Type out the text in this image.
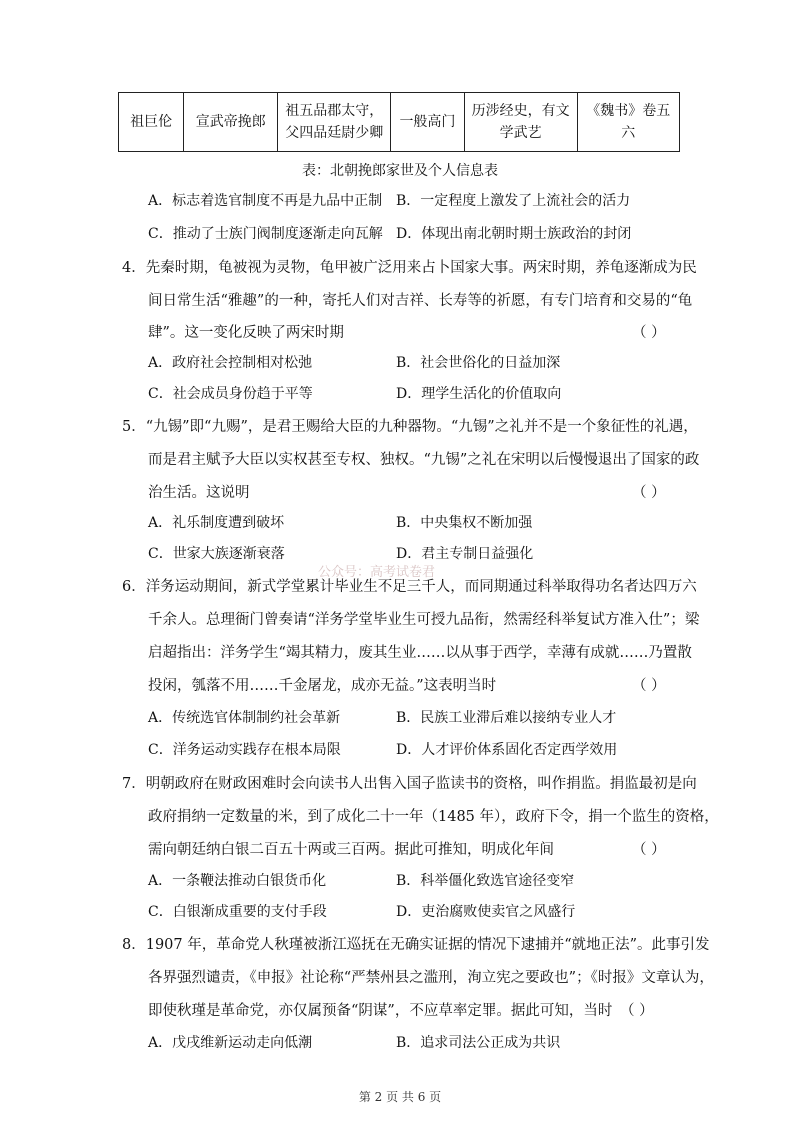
祖巨伦	宣武帝挽郎	祖五品郡太守，父四品廷尉少卿	一般高门	历涉经史，有文学武艺	《魏书》卷五六
表：北朝挽郎家世及个人信息表
A．标志着选官制度不再是九品中正制 B．一定程度上激发了上流社会的活力
C．推动了士族门阀制度逐渐走向瓦解 D．体现出南北朝时期士族政治的封闭
4．先秦时期，龟被视为灵物，龟甲被广泛用来占卜国家大事。两宋时期，养龟逐渐成为民
间日常生活“雅趣”的一种，寄托人们对吉祥、长寿等的祈愿，有专门培育和交易的“龟
肆”。这一变化反映了两宋时期	（ ）
A．政府社会控制相对松弛	B．社会世俗化的日益加深
C．社会成员身份趋于平等	D．理学生活化的价值取向
5．“九锡”即“九赐”，是君王赐给大臣的九种器物。“九锡”之礼并不是一个象征性的礼遇，
而是君主赋予大臣以实权甚至专权、独权。“九锡”之礼在宋明以后慢慢退出了国家的政
治生活。这说明	（ ）
A．礼乐制度遭到破坏	B．中央集权不断加强
C．世家大族逐渐衰落	D．君主专制日益强化
公众号：高考试卷君
6．洋务运动期间，新式学堂累计毕业生不足三千人，而同期通过科举取得功名者达四万六
千余人。总理衙门曾奏请“洋务学堂毕业生可授九品衔，然需经科举复试方准入仕”；梁
启超指出：洋务学生“竭其精力，废其生业……以从事于西学，幸薄有成就……乃置散
投闲，瓠落不用……千金屠龙，成亦无益。”这表明当时	（ ）
A．传统选官体制制约社会革新	B．民族工业滞后难以接纳专业人才
C．洋务运动实践存在根本局限	D．人才评价体系固化否定西学效用
7．明朝政府在财政困难时会向读书人出售入国子监读书的资格，叫作捐监。捐监最初是向
政府捐纳一定数量的米，到了成化二十一年（1485 年），政府下令，捐一个监生的资格，
需向朝廷纳白银二百五十两或三百两。据此可推知，明成化年间	（ ）
A．一条鞭法推动白银货币化	B．科举僵化致选官途径变窄
C．白银渐成重要的支付手段	D．吏治腐败使卖官之风盛行
8．1907 年，革命党人秋瑾被浙江巡抚在无确实证据的情况下逮捕并“就地正法”。此事引发
各界强烈谴责，《申报》社论称“严禁州县之滥刑，洵立宪之要政也”；《时报》文章认为，
即使秋瑾是革命党，亦仅属预备“阴谋”，不应草率定罪。据此可知，当时 （ ）
A．戊戌维新运动走向低潮	B．追求司法公正成为共识
第 2 页 共 6 页
